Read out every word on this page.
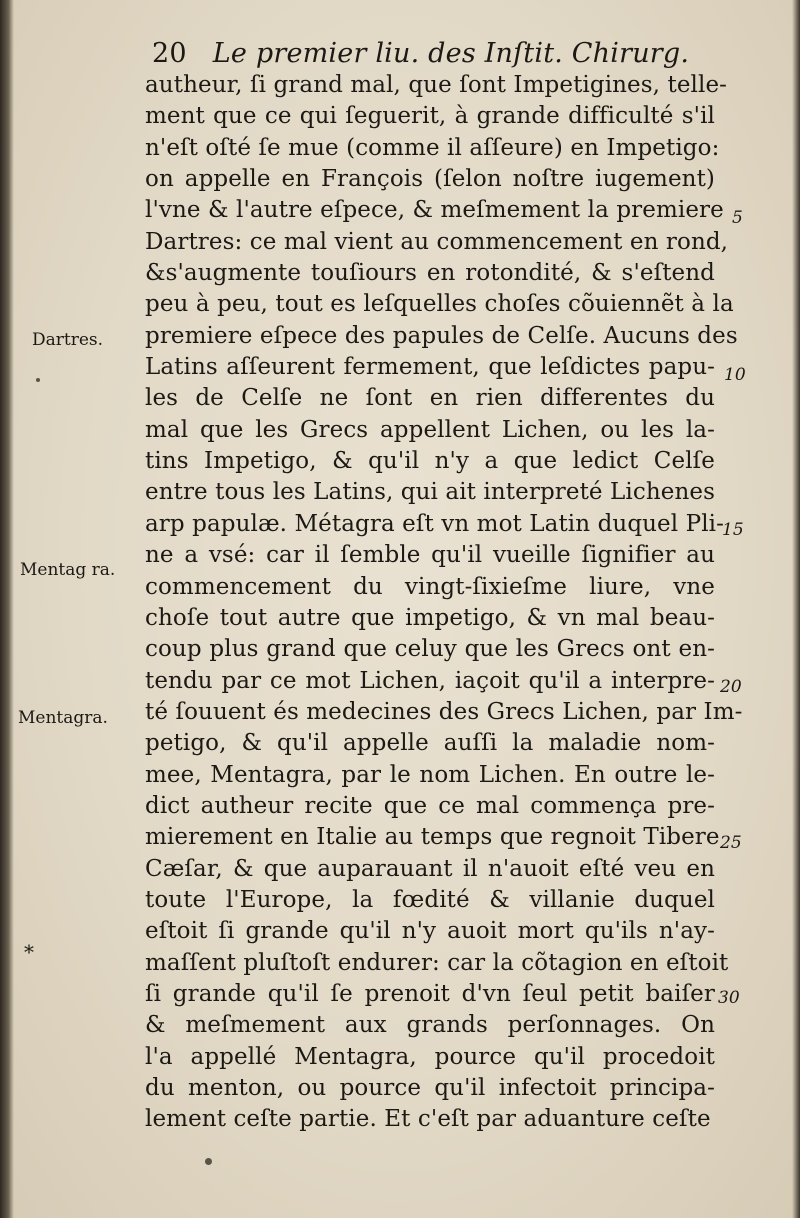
20 Le premier liu. des Inſtit. Chirurg.
autheur, ſi grand mal, que ſont Impetigines, telle-
ment que ce qui ſeguerit, à grande difficulté s'il
n'eſt oſté ſe mue (comme il aſſeure) en Impetigo:
on appelle en François (ſelon noſtre iugement)
l'vne & l'autre eſpece, & meſmement la premiere
Dartres: ce mal vient au commencement en rond,
&s'augmente touſiours en rotondité, & s'eſtend
peu à peu, tout es leſquelles choſes cõuiennẽt à la
premiere eſpece des papules de Celſe. Aucuns des
Latins aſſeurent fermement, que leſdictes papu-
les de Celſe ne ſont en rien differentes du
mal que les Grecs appellent Lichen, ou les la-
tins Impetigo, & qu'il n'y a que ledict Celſe
entre tous les Latins, qui ait interpreté Lichenes
arp papulæ. Métagra eſt vn mot Latin duquel Pli-
ne a vsé: car il ſemble qu'il vueille ſignifier au
commencement du vingt-ſixieſme liure, vne
choſe tout autre que impetigo, & vn mal beau-
coup plus grand que celuy que les Grecs ont en-
tendu par ce mot Lichen, iaçoit qu'il a interpre-
té ſouuent és medecines des Grecs Lichen, par Im-
petigo, & qu'il appelle auſſi la maladie nom-
mee, Mentagra, par le nom Lichen. En outre le-
dict autheur recite que ce mal commença pre-
mierement en Italie au temps que regnoit Tibere
Cæſar, & que auparauant il n'auoit eſté veu en
toute l'Europe, la fœdité & villanie duquel
eſtoit ſi grande qu'il n'y auoit mort qu'ils n'ay-
maſſent pluſtoſt endurer: car la cõtagion en eſtoit
ſi grande qu'il ſe prenoit d'vn ſeul petit baiſer
& meſmement aux grands perſonnages. On
l'a appellé Mentagra, pource qu'il procedoit
du menton, ou pource qu'il infectoit principa-
lement ceſte partie. Et c'eſt par aduanture ceſte
Dartres.
Mentag ra.
Mentagra.
*
5
10
15
20
25
30
